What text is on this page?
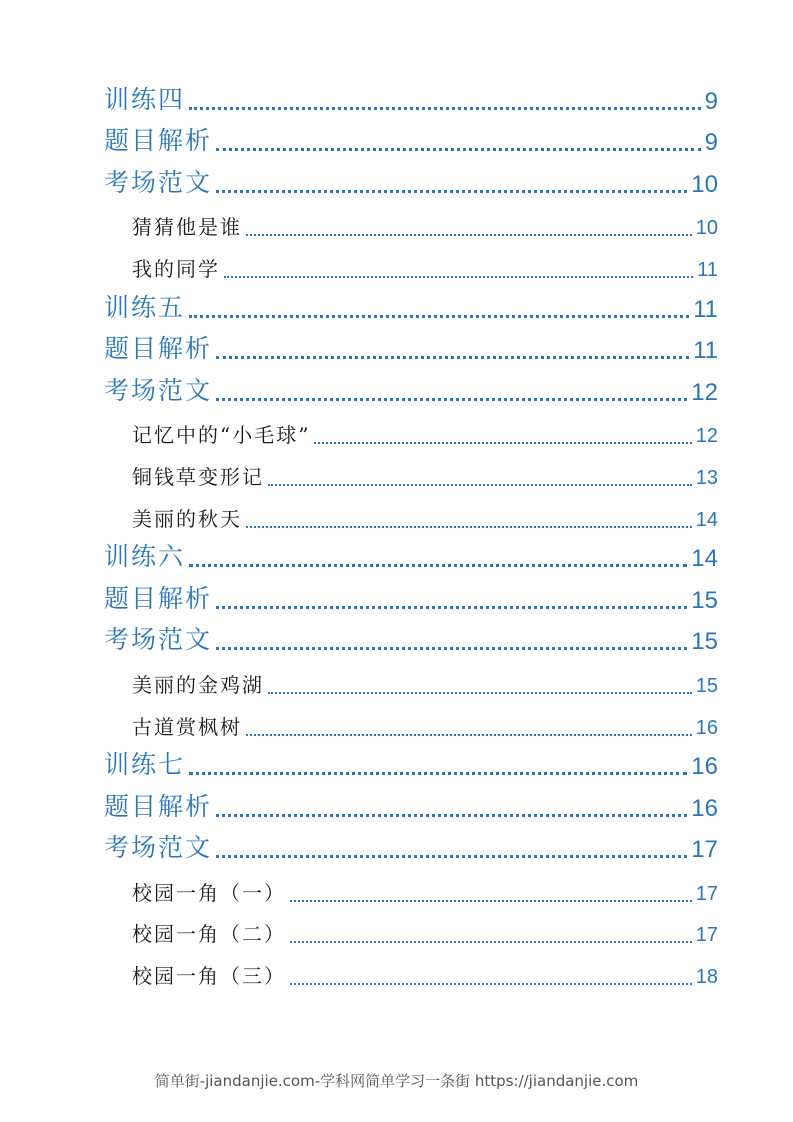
训练四	9
题目解析	9
考场范文	10
猜猜他是谁	10
我的同学	11
训练五	11
题目解析	11
考场范文	12
记忆中的“小毛球”	12
铜钱草变形记	13
美丽的秋天	14
训练六	14
题目解析	15
考场范文	15
美丽的金鸡湖	15
古道赏枫树	16
训练七	16
题目解析	16
考场范文	17
校园一角（一）	17
校园一角（二）	17
校园一角（三）	18
简单街-jiandanjie.com-学科网简单学习一条街 https://jiandanjie.com
